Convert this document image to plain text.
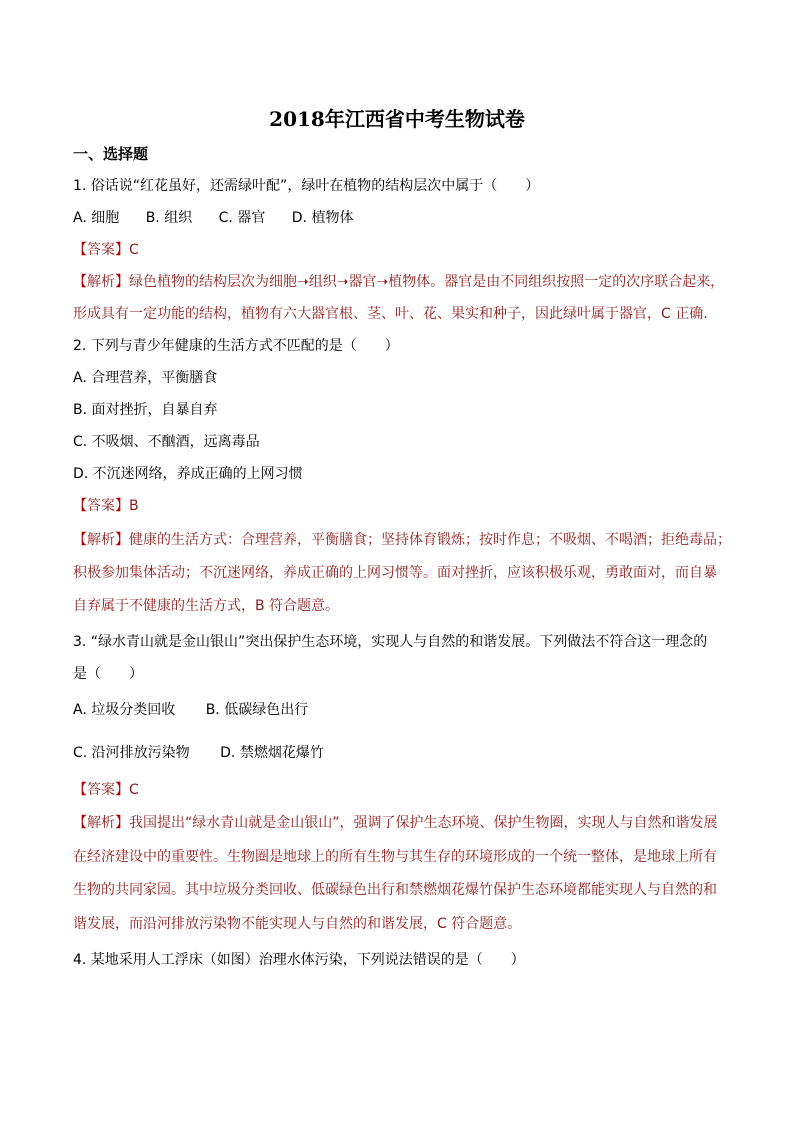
2018年江西省中考生物试卷
一、选择题
1. 俗话说“红花虽好，还需绿叶配”，绿叶在植物的结构层次中属于（　　）
A. 细胞 B. 组织 C. 器官 D. 植物体
【答案】C
【解析】绿色植物的结构层次为细胞➝组织➝器官➝植物体。器官是由不同组织按照一定的次序联合起来，
形成具有一定功能的结构，植物有六大器官根、茎、叶、花、果实和种子，因此绿叶属于器官，C 正确.
2. 下列与青少年健康的生活方式不匹配的是（　　）
A. 合理营养，平衡膳食
B. 面对挫折，自暴自弃
C. 不吸烟、不酗酒，远离毒品
D. 不沉迷网络，养成正确的上网习惯
【答案】B
【解析】健康的生活方式：合理营养，平衡膳食；坚持体育锻炼；按时作息；不吸烟、不喝酒；拒绝毒品；
积极参加集体活动；不沉迷网络，养成正确的上网习惯等。面对挫折，应该积极乐观，勇敢面对，而自暴
自弃属于不健康的生活方式，B 符合题意。
3. “绿水青山就是金山银山”突出保护生态环境，实现人与自然的和谐发展。下列做法不符合这一理念的
是（　　）
A. 垃圾分类回收 B. 低碳绿色出行
C. 沿河排放污染物 D. 禁燃烟花爆竹
【答案】C
【解析】我国提出“绿水青山就是金山银山”，强调了保护生态环境、保护生物圈，实现人与自然和谐发展
在经济建设中的重要性。生物圈是地球上的所有生物与其生存的环境形成的一个统一整体，是地球上所有
生物的共同家园。其中垃圾分类回收、低碳绿色出行和禁燃烟花爆竹保护生态环境都能实现人与自然的和
谐发展，而沿河排放污染物不能实现人与自然的和谐发展，C 符合题意。
4. 某地采用人工浮床（如图）治理水体污染，下列说法错误的是（　　）
